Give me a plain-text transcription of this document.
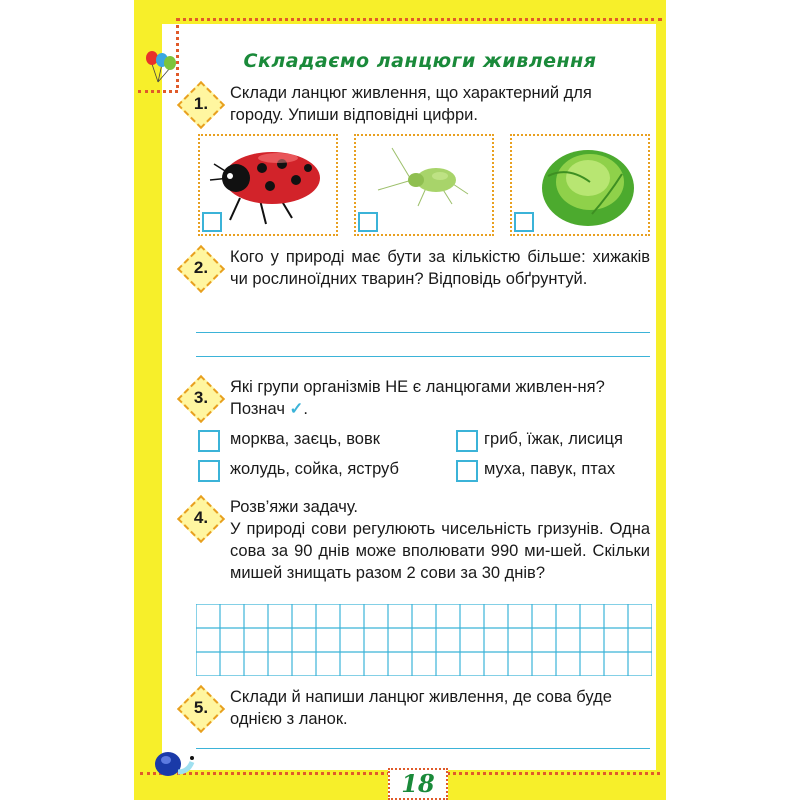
Складаємо ланцюги живлення
1.
Склади ланцюг живлення, що характерний для городу. Упиши відповідні цифри.
2.
Кого у природі має бути за кількістю більше: хижаків чи рослиноїдних тварин? Відповідь обґрунтуй.
3.
Які групи організмів НЕ є ланцюгами живлен-ня? Познач ✓.
морква, заєць, вовк	гриб, їжак, лисиця
жолудь, сойка, яструб	муха, павук, птах
4.
Розв’яжи задачу.
У природі сови регулюють чисельність гризунів. Одна сова за 90 днів може вполювати 990 ми-шей. Скільки мишей знищать разом 2 сови за 30 днів?
5.
Склади й напиши ланцюг живлення, де сова буде однією з ланок.
18
